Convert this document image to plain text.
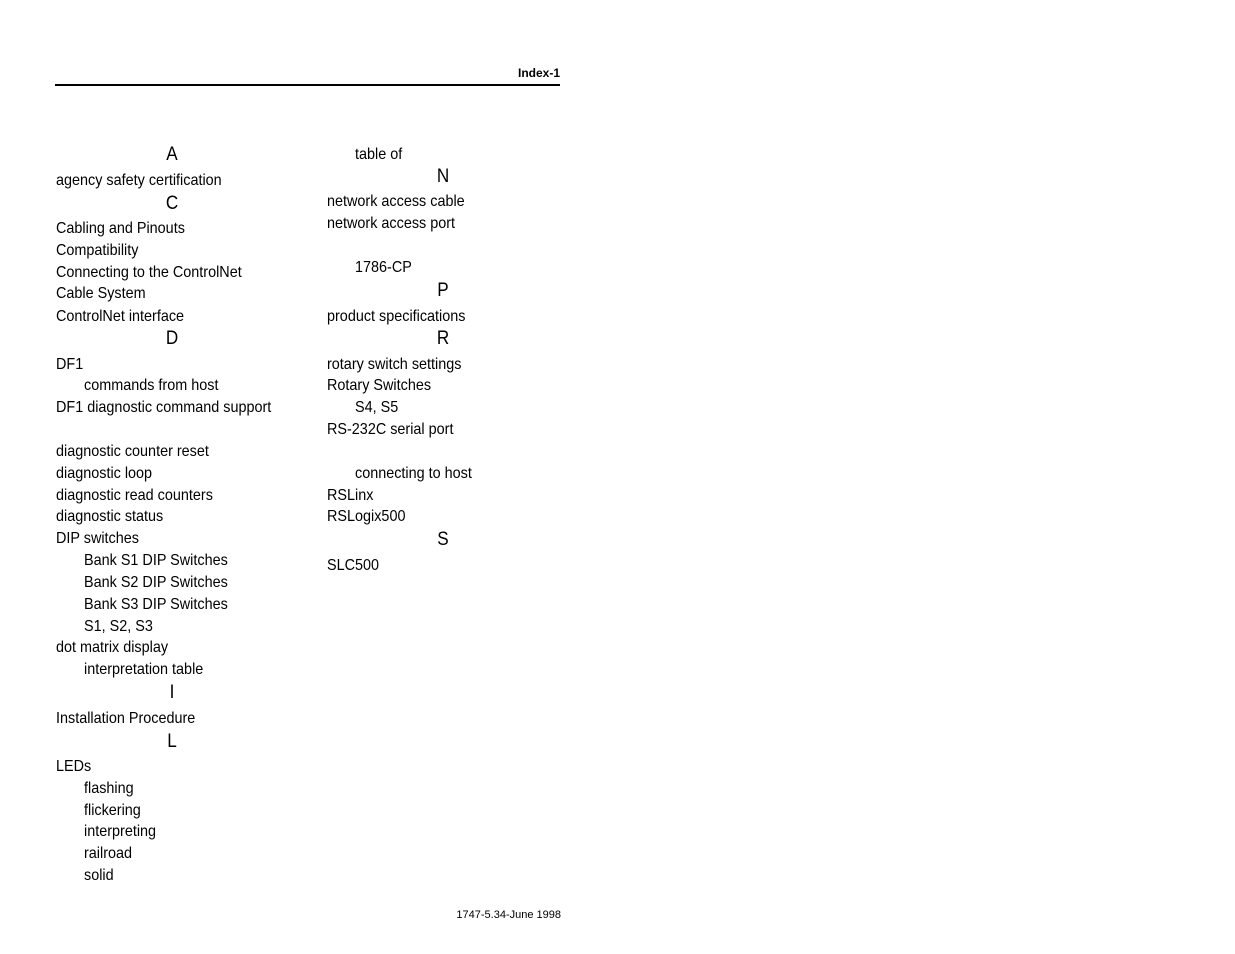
Index-1
A
agency safety certification
C
Cabling and Pinouts
Compatibility
Connecting to the ControlNet
Cable System
ControlNet interface
D
DF1
commands from host
DF1 diagnostic command support
diagnostic counter reset
diagnostic loop
diagnostic read counters
diagnostic status
DIP switches
Bank S1 DIP Switches
Bank S2 DIP Switches
Bank S3 DIP Switches
S1, S2, S3
dot matrix display
interpretation table
I
Installation Procedure
L
LEDs
flashing
flickering
interpreting
railroad
solid
table of
N
network access cable
network access port
1786-CP
P
product specifications
R
rotary switch settings
Rotary Switches
S4, S5
RS-232C serial port
connecting to host
RSLinx
RSLogix500
S
SLC500
1747-5.34-June 1998
